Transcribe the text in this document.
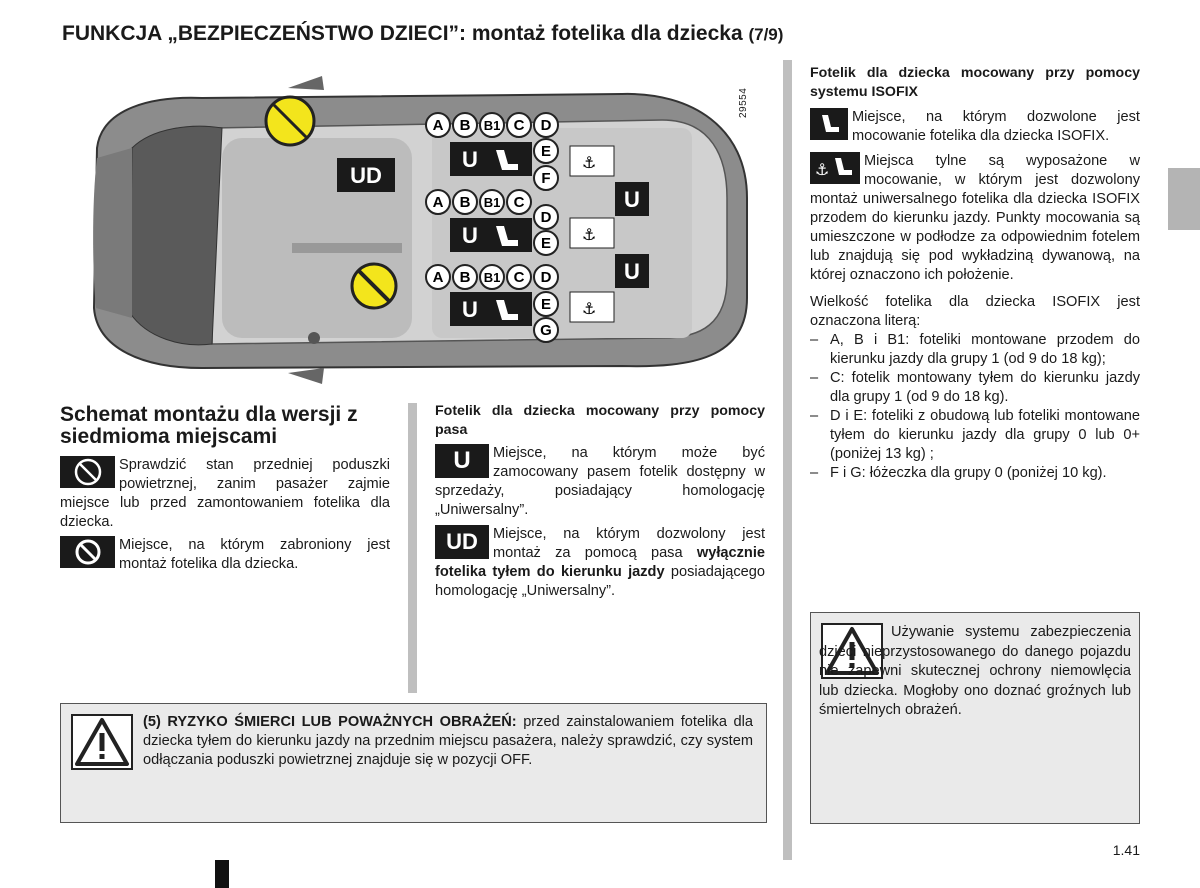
FUNKCJA „BEZPIECZEŃSTWO DZIECI”: montaż fotelika dla dziecka (7/9)
UD
A B B1 C D
E
F
A B B1 C
D
E
A B B1 C D
E
G
U
U
U
U
U
⚓
⚓
⚓
29554
Schemat montażu dla wersji z siedmioma miejscami
Sprawdzić stan przedniej poduszki powietrznej, zanim pasażer zajmie miejsce lub przed zamontowaniem fotelika dla dziecka.
Miejsce, na którym zabroniony jest montaż fotelika dla dziecka.
Fotelik dla dziecka mocowany przy pomocy pasa
U	Miejsce, na którym może być zamocowany pasem fotelik dostępny w sprzedaży, posiadający homologację „Uniwersalny”.
UD	Miejsce, na którym dozwolony jest montaż za pomocą pasa wyłącznie fotelika tyłem do kierunku jazdy posiadającego homologację „Uniwersalny”.
Fotelik dla dziecka mocowany przy pomocy systemu ISOFIX
Miejsce, na którym dozwolone jest mocowanie fotelika dla dziecka ISOFIX.
⚓ Miejsca tylne są wyposażone w mocowanie, w którym jest dozwolony montaż uniwersalnego fotelika dla dziecka ISOFIX przodem do kierunku jazdy. Punkty mocowania są umieszczone w podłodze za odpowiednim fotelem lub znajdują się pod wykładziną dywanową, na której oznaczono ich położenie.
Wielkość fotelika dla dziecka ISOFIX jest oznaczona literą:
– A, B i B1: foteliki montowane przodem do kierunku jazdy dla grupy 1 (od 9 do 18 kg);
– C: fotelik montowany tyłem do kierunku jazdy dla grupy 1 (od 9 do 18 kg).
– D i E: foteliki z obudową lub foteliki montowane tyłem do kierunku jazdy dla grupy 0 lub 0+ (poniżej 13 kg) ;
– F i G: łóżeczka dla grupy 0 (poniżej 10 kg).
Używanie systemu zabezpieczenia dzieci nieprzystosowanego do danego pojazdu nie zapewni skutecznej ochrony niemowlęcia lub dziecka. Mogłoby ono doznać groźnych lub śmiertelnych obrażeń.
(5) RYZYKO ŚMIERCI LUB POWAŻNYCH OBRAŻEŃ: przed zainstalowaniem fotelika dla dziecka tyłem do kierunku jazdy na przednim miejscu pasażera, należy sprawdzić, czy system odłączania poduszki powietrznej znajduje się w pozycji OFF.
1.41
